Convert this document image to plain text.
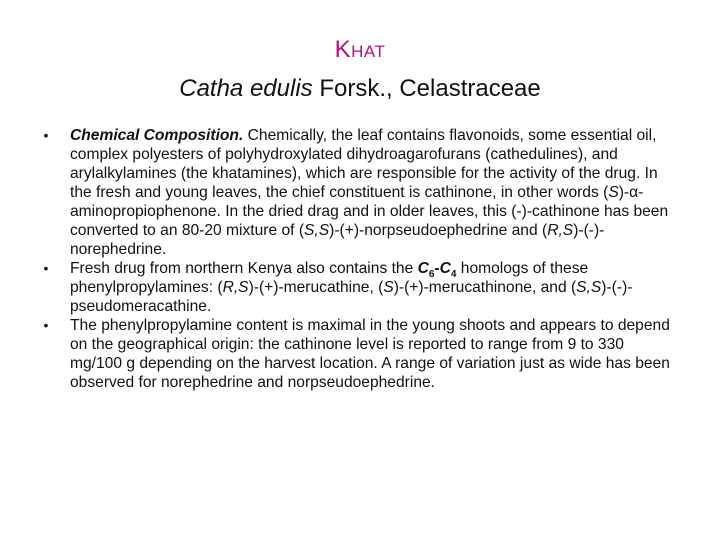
Khat
Catha edulis Forsk., Celastraceae
•	Chemical Composition. Chemically, the leaf contains flavonoids, some essential oil, complex polyesters of polyhydroxylated dihydroagarofurans (cathedulines), and arylalkylamines (the khatamines), which are responsible for the activity of the drug. In the fresh and young leaves, the chief constituent is cathinone, in other words (S)-α-aminopropiophenone. In the dried drag and in older leaves, this (-)-cathinone has been converted to an 80-20 mixture of (S,S)-(+)-norpseudoephedrine and (R,S)-(-)-norephedrine.
•	Fresh drug from northern Kenya also contains the $C_6-C_4$ homologs of these phenylpropylamines: (R,S)-(+)-merucathine, (S)-(+)-merucathinone, and (S,S)-(-)-pseudomeracathine.
•	The phenylpropylamine content is maximal in the young shoots and appears to depend on the geographical origin: the cathinone level is reported to range from 9 to 330 mg/100 g depending on the harvest location. A range of variation just as wide has been observed for norephedrine and norpseudoephedrine.
